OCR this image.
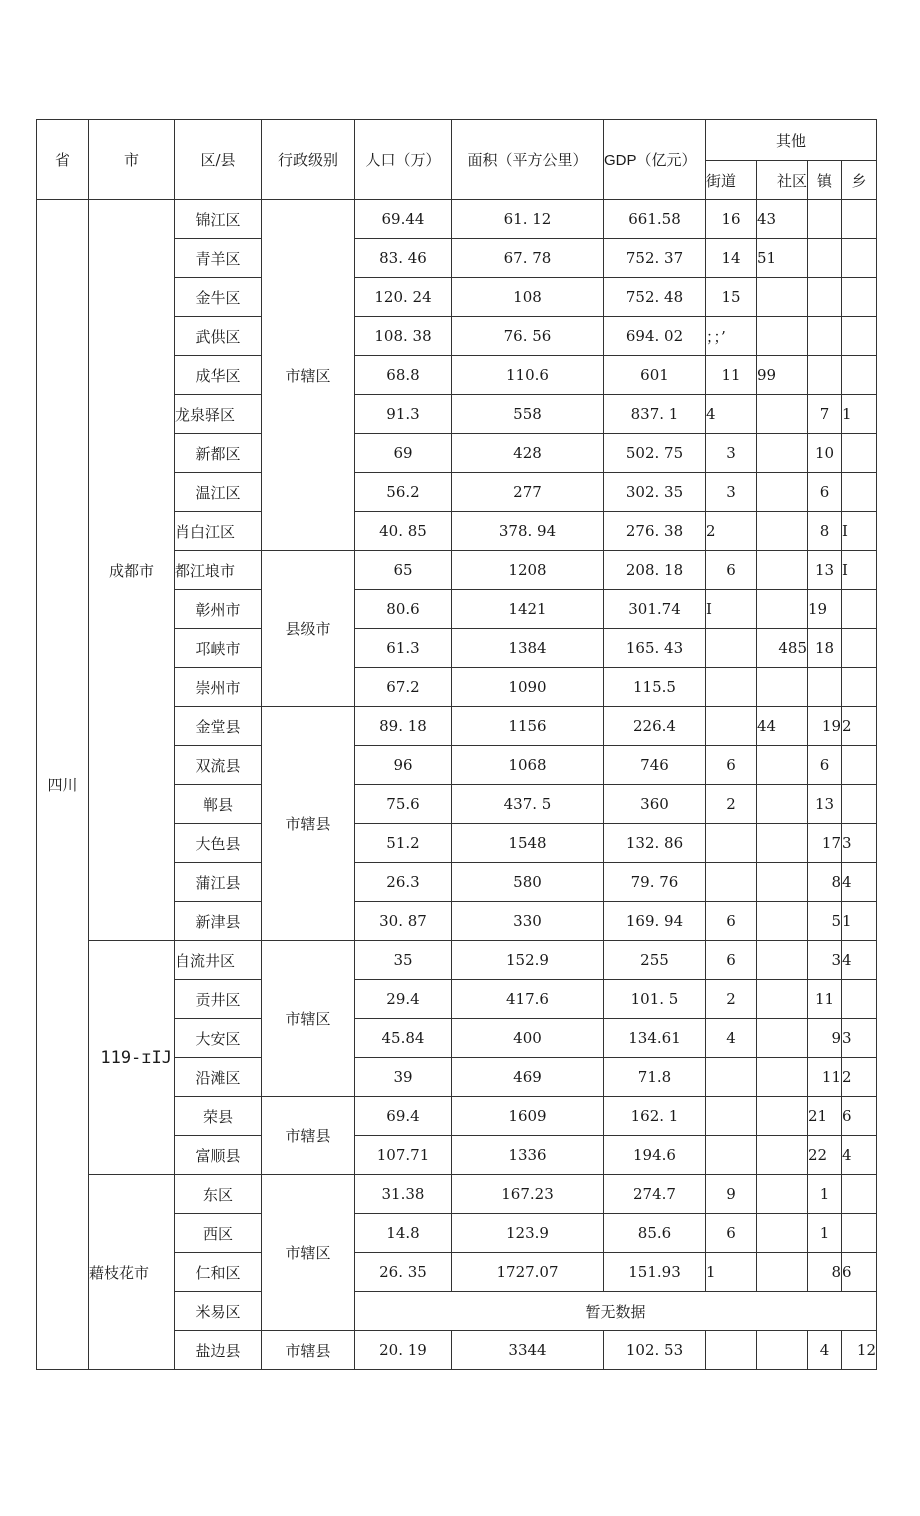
省	市	区/县	行政级别	人口（万）	面积（平方公里）	GDP（亿元）	其他			
							街道	社区	镇	乡
四川	成都市	锦江区	市辖区	69.44	61. 12	661.58	16	43		
		青羊区		83. 46	67. 78	752. 37	14	51		
		金牛区		120. 24	108	752. 48	15			
		武供区		108. 38	76. 56	694. 02	；；’			
		成华区		68.8	110.6	601	11	99		
		龙泉驿区		91.3	558	837. 1	4		7	1
		新都区		69	428	502. 75	3		10	
		温江区		56.2	277	302. 35	3		6	
		肖白江区		40. 85	378. 94	276. 38	2		8	I
		都江埌市	县级市	65	1208	208. 18	6		13	I
		彰州市		80.6	1421	301.74	I		19	
		邛峡市		61.3	1384	165. 43		485	18	
		崇州市		67.2	1090	115.5				
		金堂县	市辖县	89. 18	1156	226.4		44	19	2
		双流县		96	1068	746	6		6	
		郸县		75.6	437. 5	360	2		13	
		大色县		51.2	1548	132. 86			17	3
		蒲江县		26.3	580	79. 76			8	4
		新津县		30. 87	330	169. 94	6		5	1
	119-ɪIJ	自流井区	市辖区	35	152.9	255	6		3	4
		贡井区		29.4	417.6	101. 5	2		11	
		大安区		45.84	400	134.61	4		9	3
		沿滩区		39	469	71.8			11	2
		荣县	市辖县	69.4	1609	162. 1			21	6
		富顺县		107.71	1336	194.6			22	4
	藉枝花市	东区	市辖区	31.38	167.23	274.7	9		1	
		西区		14.8	123.9	85.6	6		1	
		仁和区		26. 35	1727.07	151.93	1		8	6
		米易区		暂无数据						
		盐边县	市辖县	20. 19	3344	102. 53			4	12
